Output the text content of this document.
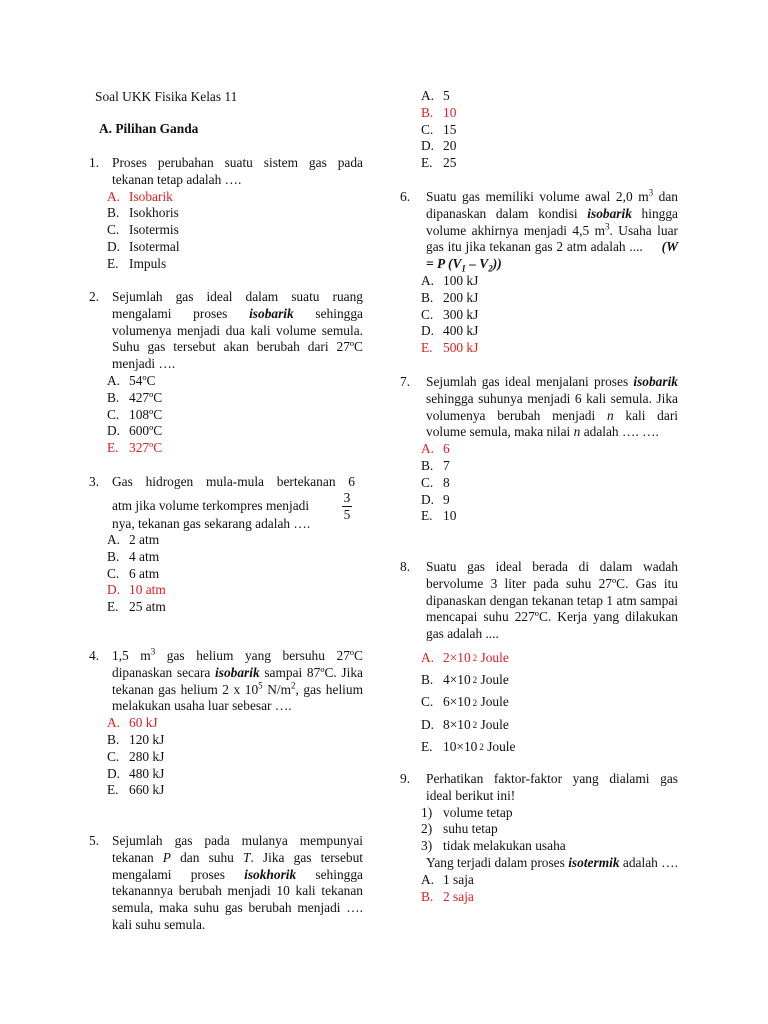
Soal UKK Fisika Kelas 11
A. Pilihan Ganda
1. Proses perubahan suatu sistem gas pada tekanan tetap adalah ….
A. Isobarik
B. Isokhoris
C. Isotermis
D. Isotermal
E. Impuls
2. Sejumlah gas ideal dalam suatu ruang mengalami proses isobarik sehingga volumenya menjadi dua kali volume semula. Suhu gas tersebut akan berubah dari 27ºC menjadi ….
A. 54ºC
B. 427ºC
C. 108ºC
D. 600ºC
E. 327ºC
3. Gas hidrogen mula-mula bertekanan 6
atm jika volume terkompres menjadi
nya, tekanan gas sekarang adalah ….
3
5
A. 2 atm
B. 4 atm
C. 6 atm
D. 10 atm
E. 25 atm
4. 1,5 $m^3$ gas helium yang bersuhu 27ºC dipanaskan secara isobarik sampai 87ºC. Jika tekanan gas helium 2 x $10^5$ $N/m^2$, gas helium melakukan usaha luar sebesar ….
A. 60 kJ
B. 120 kJ
C. 280 kJ
D. 480 kJ
E. 660 kJ
5. Sejumlah gas pada mulanya mempunyai tekanan P dan suhu T. Jika gas tersebut mengalami proses isokhorik sehingga tekanannya berubah menjadi 10 kali tekanan semula, maka suhu gas berubah menjadi …. kali suhu semula.
A. 5
B. 10
C. 15
D. 20
E. 25
6. Suatu gas memiliki volume awal 2,0 $m^3$ dan dipanaskan dalam kondisi isobarik hingga volume akhirnya menjadi 4,5 $m^3$. Usaha luar gas itu jika tekanan gas 2 atm adalah .... (W = P $(V_1 - V_2)$)
A. 100 kJ
B. 200 kJ
C. 300 kJ
D. 400 kJ
E. 500 kJ
7. Sejumlah gas ideal menjalani proses isobarik sehingga suhunya menjadi 6 kali semula. Jika volumenya berubah menjadi n kali dari volume semula, maka nilai n adalah …. ….
A. 6
B. 7
C. 8
D. 9
E. 10
8. Suatu gas ideal berada di dalam wadah bervolume 3 liter pada suhu 27ºC. Gas itu dipanaskan dengan tekanan tetap 1 atm sampai mencapai suhu 227ºC. Kerja yang dilakukan gas adalah ....
A. 2×10 2
Joule
B. 4×10 2
Joule
C. 6×10 2
Joule
D. 8×10 2
Joule
E. 10×10 2
Joule
9. Perhatikan faktor-faktor yang dialami gas ideal berikut ini!
1) volume tetap
2) suhu tetap
3) tidak melakukan usaha
Yang terjadi dalam proses isotermik adalah ….
A. 1 saja
B. 2 saja
